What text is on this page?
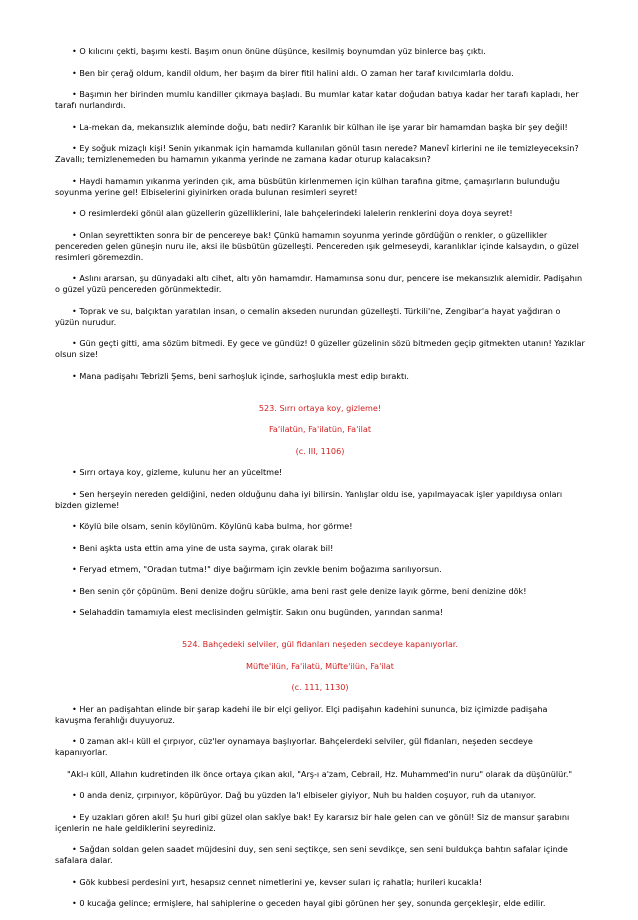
• O kılıcını çekti, başımı kesti. Başım onun önüne düşünce, kesilmiş boynumdan yüz binlerce baş çıktı.

• Ben bir çerağ oldum, kandil oldum, her başım da birer fitil halini aldı. O zaman her taraf kıvılcımlarla doldu.

• Başımın her birinden mumlu kandiller çıkmaya başladı. Bu mumlar katar katar doğudan batıya kadar her tarafı kapladı, her tarafı nurlandırdı.

• La-mekan da, mekansızlık aleminde doğu, batı nedir? Karanlık bir külhan ile işe yarar bir hamamdan başka bir şey değil!

• Ey soğuk mizaçlı kişi! Senin yıkanmak için hamamda kullanılan gönül tasın nerede? Manevî kirlerini ne ile temizleyeceksin? Zavallı; temizlenemeden bu hamamın yıkanma yerinde ne zamana kadar oturup kalacaksın?

• Haydi hamamın yıkanma yerinden çık, ama büsbütün kirlenmemen için külhan tarafına gitme, çamaşırların bulunduğu soyunma yerine gel! Elbiselerini giyinirken orada bulunan resimleri seyret!

• O resimlerdeki gönül alan güzellerin güzelliklerini, lale bahçelerindeki lalelerin renklerini doya doya seyret!

• Onlan seyrettikten sonra bir de pencereye bak! Çünkü hamamın soyunma yerinde gördüğün o renkler, o güzellikler pencereden gelen güneşin nuru ile, aksi ile büsbütün güzelleşti. Pencereden ışık gelmeseydi, karanlıklar içinde kalsaydın, o güzel resimleri göremezdin.

• Aslını ararsan, şu dünyadaki altı cihet, altı yön hamamdır. Hamamınsa sonu dur, pencere ise mekansızlık alemidir. Padişahın o güzel yüzü pencereden görünmektedir.

• Toprak ve su, balçıktan yaratılan insan, o cemalin akseden nurundan güzelleşti. Türkili'ne, Zengibar'a hayat yağdıran o yüzün nurudur.

• Gün geçti gitti, ama sözüm bitmedi. Ey gece ve gündüz! 0 güzeller güzelinin sözü bitmeden geçip gitmekten utanın! Yazıklar olsun size!

• Mana padişahı Tebrizli Şems, beni sarhoşluk içinde, sarhoşlukla mest edip bıraktı.

523. Sırrı ortaya koy, gizleme!

Fa'ilatün, Fa'ilatün, Fa'ilat

(c. III, 1106)

• Sırrı ortaya koy, gizleme, kulunu her an yüceltme!

• Sen herşeyin nereden geldiğini, neden olduğunu daha iyi bilirsin. Yanlışlar oldu ise, yapılmayacak işler yapıldıysa onları bizden gizleme!

• Köylü bile olsam, senin köylünüm. Köylünü kaba bulma, hor görme!

• Beni aşkta usta ettin ama yine de usta sayma, çırak olarak bil!

• Feryad etmem, "Oradan tutma!" diye bağırmam için zevkle benim boğazıma sarılıyorsun.

• Ben senin çör çöpünüm. Beni denize doğru sürükle, ama beni rast gele denize layık görme, beni denizine dök!

• Selahaddin tamamıyla elest meclisinden gelmiştir. Sakın onu bugünden, yarından sanma!

524. Bahçedeki selviler, gül fidanları neşeden secdeye kapanıyorlar.

Müfte'ilün, Fa'ilatü, Müfte'ilün, Fa'ilat

(c. 111, 1130)

• Her an padişahtan elinde bir şarap kadehi ile bir elçi geliyor. Elçi padişahın kadehini sununca, biz içimizde padişaha kavuşma ferahlığı duyuyoruz.

• 0 zaman akl-ı küll el çırpıyor, cüz'ler oynamaya başlıyorlar. Bahçelerdeki selviler, gül fidanları, neşeden secdeye kapanıyorlar.

"Akl-ı küll, Allahın kudretinden ilk önce ortaya çıkan akıl, "Arş-ı a'zam, Cebrail, Hz. Muhammed'in nuru" olarak da düşünülür."

• 0 anda deniz, çırpınıyor, köpürüyor. Dağ bu yüzden la'l elbiseler giyiyor, Nuh bu halden coşuyor, ruh da utanıyor.

• Ey uzakları gören akıl! Şu huri gibi güzel olan sakîye bak! Ey kararsız bir hale gelen can ve gönül! Siz de mansur şarabını içenlerin ne hale geldiklerini seyrediniz.

• Sağdan soldan gelen saadet müjdesini duy, sen seni seçtikçe, sen seni sevdikçe, sen seni buldukça bahtın safalar içinde safalara dalar.

• Gök kubbesi perdesini yırt, hesapsız cennet nimetlerini ye, kevser suları iç rahatla; hurileri kucakla!

• 0 kucağa gelince; ermişlere, hal sahiplerine o geceden hayal gibi görünen her şey, sonunda gerçekleşir, elde edilir.
